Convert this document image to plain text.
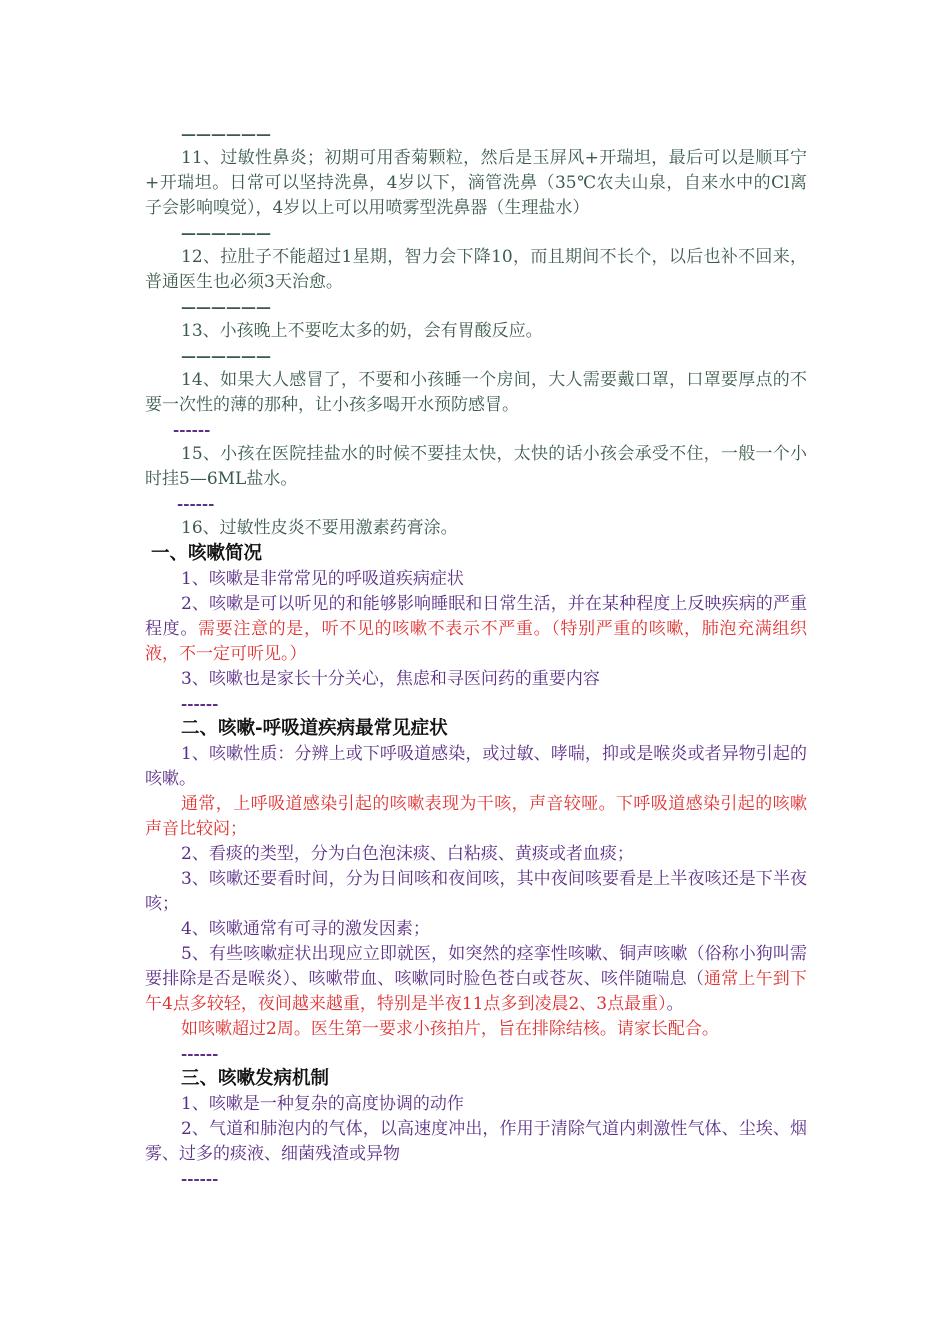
——————

11、过敏性鼻炎；初期可用香菊颗粒，然后是玉屏风+开瑞坦，最后可以是顺耳宁+开瑞坦。日常可以坚持洗鼻，4岁以下，滴管洗鼻（35℃农夫山泉，自来水中的Cl离子会影响嗅觉），4岁以上可以用喷雾型洗鼻器（生理盐水）

——————

12、拉肚子不能超过1星期，智力会下降10，而且期间不长个，以后也补不回来，普通医生也必须3天治愈。

——————

13、小孩晚上不要吃太多的奶，会有胃酸反应。

——————

14、如果大人感冒了，不要和小孩睡一个房间，大人需要戴口罩，口罩要厚点的不要一次性的薄的那种，让小孩多喝开水预防感冒。

------

15、小孩在医院挂盐水的时候不要挂太快，太快的话小孩会承受不住，一般一个小时挂5—6ML盐水。

------

16、过敏性皮炎不要用激素药膏涂。

一、咳嗽简况

1、咳嗽是非常常见的呼吸道疾病症状

2、咳嗽是可以听见的和能够影响睡眠和日常生活，并在某种程度上反映疾病的严重程度。需要注意的是，听不见的咳嗽不表示不严重。（特别严重的咳嗽，肺泡充满组织液，不一定可听见。）

3、咳嗽也是家长十分关心，焦虑和寻医问药的重要内容

------

二、咳嗽-呼吸道疾病最常见症状

1、咳嗽性质：分辨上或下呼吸道感染，或过敏、哮喘，抑或是喉炎或者异物引起的咳嗽。

通常，上呼吸道感染引起的咳嗽表现为干咳，声音较哑。下呼吸道感染引起的咳嗽声音比较闷；

2、看痰的类型，分为白色泡沫痰、白粘痰、黄痰或者血痰；

3、咳嗽还要看时间，分为日间咳和夜间咳，其中夜间咳要看是上半夜咳还是下半夜咳；

4、咳嗽通常有可寻的激发因素；

5、有些咳嗽症状出现应立即就医，如突然的痉挛性咳嗽、铜声咳嗽（俗称小狗叫需要排除是否是喉炎）、咳嗽带血、咳嗽同时脸色苍白或苍灰、咳伴随喘息（通常上午到下午4点多较轻，夜间越来越重，特别是半夜11点多到凌晨2、3点最重）。

如咳嗽超过2周。医生第一要求小孩拍片，旨在排除结核。请家长配合。

------

三、咳嗽发病机制

1、咳嗽是一种复杂的高度协调的动作

2、气道和肺泡内的气体，以高速度冲出，作用于清除气道内刺激性气体、尘埃、烟雾、过多的痰液、细菌残渣或异物

------
